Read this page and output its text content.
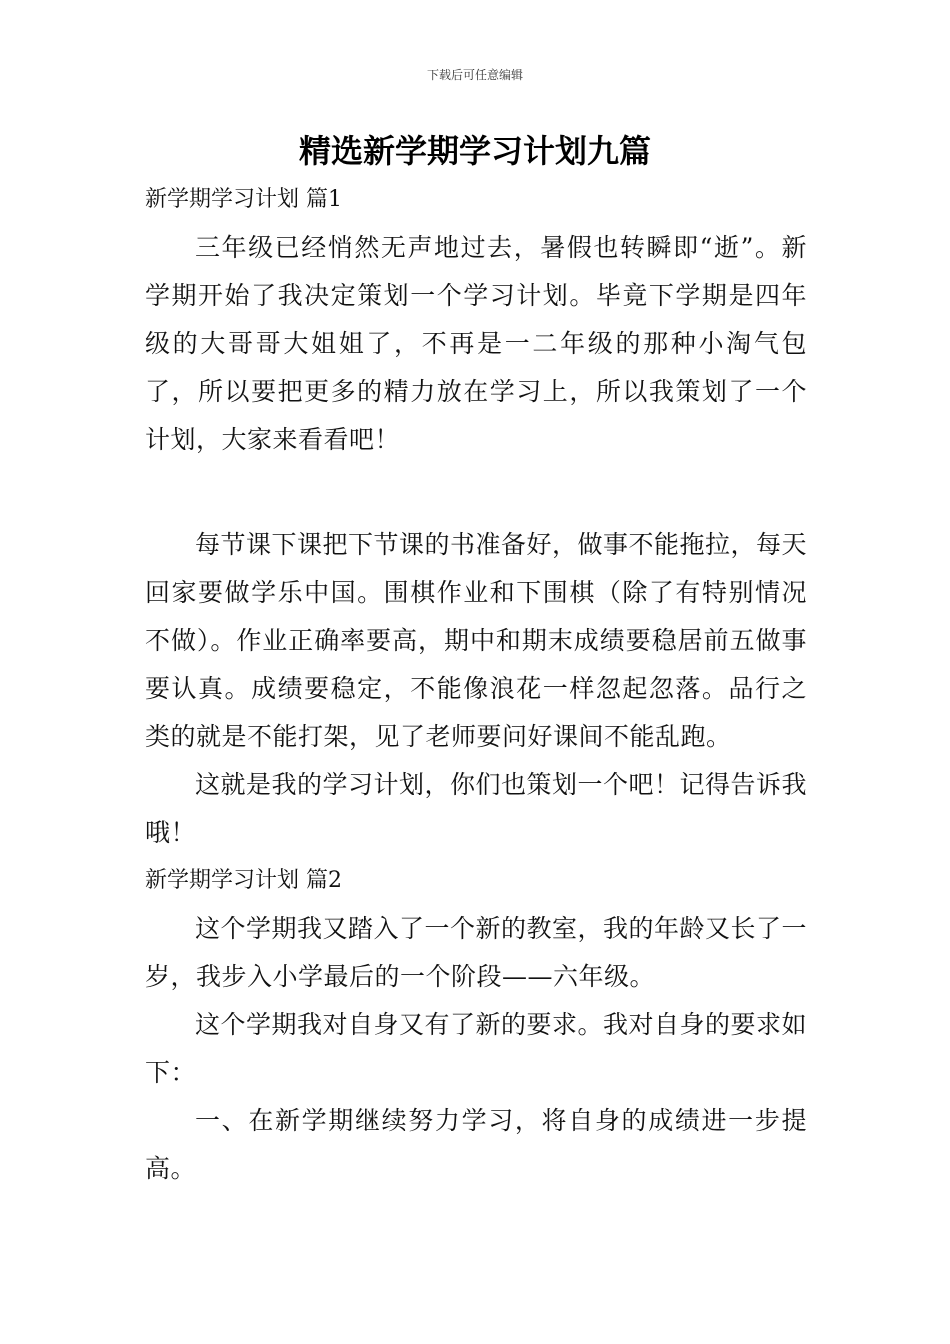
下载后可任意编辑
精选新学期学习计划九篇

新学期学习计划 篇1

三年级已经悄然无声地过去，暑假也转瞬即“逝”。新学期开始了我决定策划一个学习计划。毕竟下学期是四年级的大哥哥大姐姐了，不再是一二年级的那种小淘气包了，所以要把更多的精力放在学习上，所以我策划了一个计划，大家来看看吧！

每节课下课把下节课的书准备好，做事不能拖拉，每天回家要做学乐中国。围棋作业和下围棋（除了有特别情况不做）。作业正确率要高，期中和期末成绩要稳居前五做事要认真。成绩要稳定，不能像浪花一样忽起忽落。品行之类的就是不能打架，见了老师要问好课间不能乱跑。

这就是我的学习计划，你们也策划一个吧！记得告诉我哦！

新学期学习计划 篇2

这个学期我又踏入了一个新的教室，我的年龄又长了一岁，我步入小学最后的一个阶段——六年级。

这个学期我对自身又有了新的要求。我对自身的要求如下：

一、在新学期继续努力学习，将自身的成绩进一步提高。
